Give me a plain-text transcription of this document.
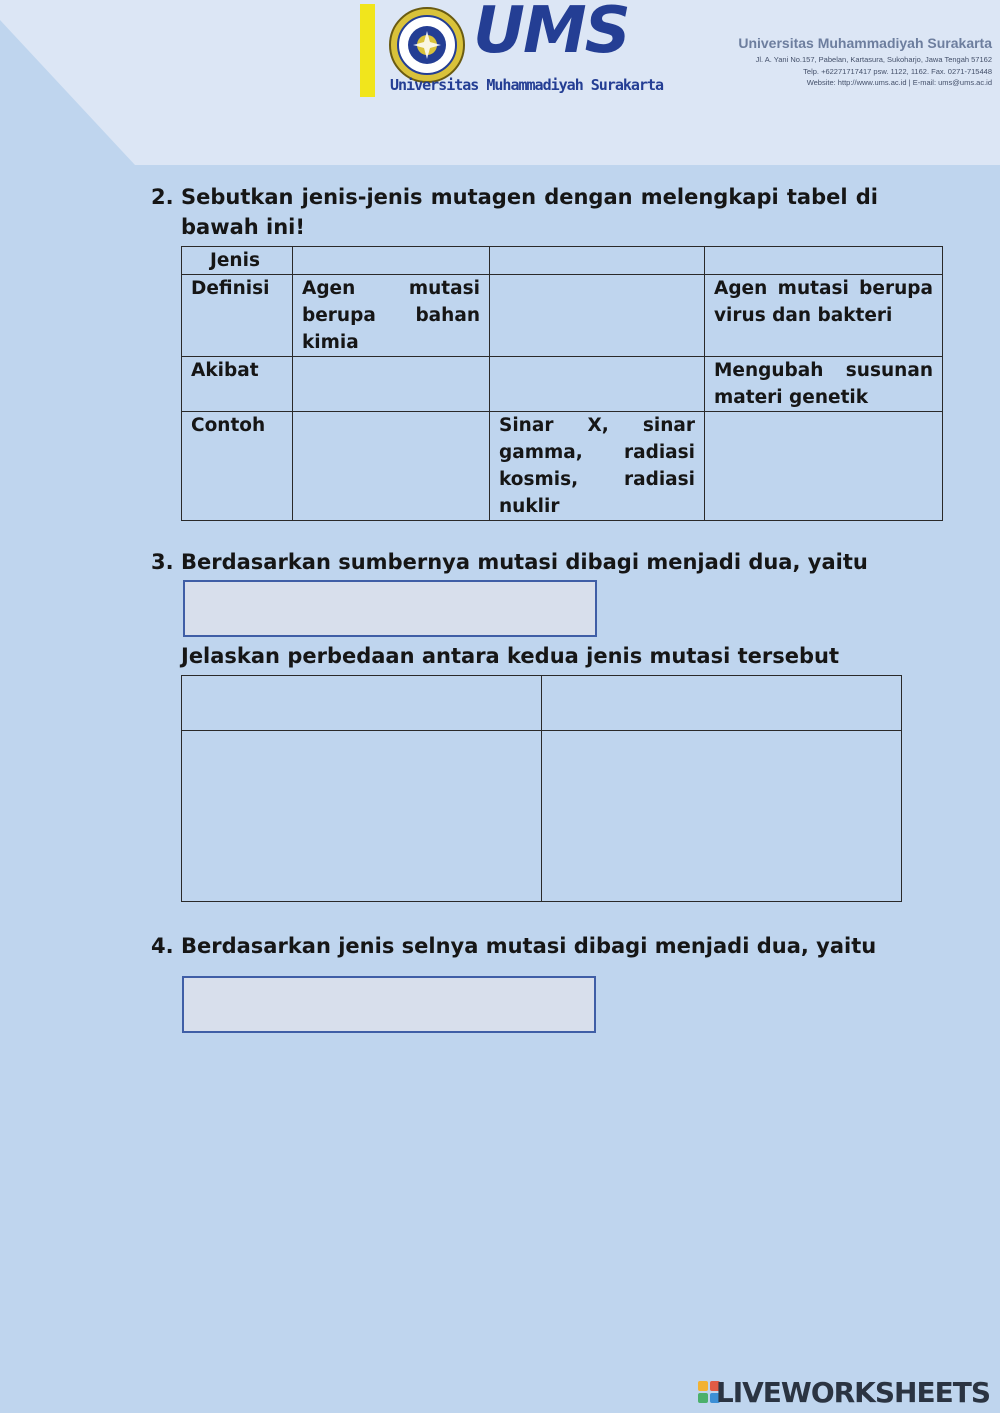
UMS
Universitas Muhammadiyah Surakarta
Universitas Muhammadiyah Surakarta
Jl. A. Yani No.157, Pabelan, Kartasura, Sukoharjo, Jawa Tengah 57162
Telp. +62271717417 psw. 1122, 1162. Fax. 0271-715448
Website: http://www.ums.ac.id | E-mail: ums@ums.ac.id
2. Sebutkan jenis-jenis mutagen dengan melengkapi tabel di
bawah ini!
Jenis			
Definisi	Agen mutasi berupa bahan kimia		Agen mutasi berupa virus dan bakteri
Akibat			Mengubah susunan materi genetik
Contoh		Sinar X, sinar gamma, radiasi kosmis, radiasi nuklir	
3. Berdasarkan sumbernya mutasi dibagi menjadi dua, yaitu
Jelaskan perbedaan antara kedua jenis mutasi tersebut

4. Berdasarkan jenis selnya mutasi dibagi menjadi dua, yaitu
LIVEWORKSHEETS
